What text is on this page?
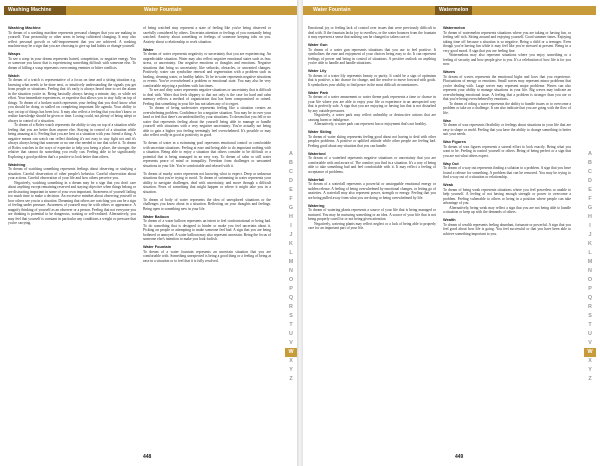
Washing Machine	Water Fountain
Washing Machine

To dream of a washing machine represents personal changes that you are making in yourself. Your personality or other areas in being cultivated changing. It may also reflect personal growth or self-improvement that you are achieved. A washing machine may be a sign that you are choosing to give up bad habits or change yourself.

Wasps

To see a wasp in your dream represents hatred, competition, or negative energy. You or someone you know that is experiencing something difficult with someone else. To dream of killing a wasp represents overcoming enemies or bitter conflicts.

Watch

To dream of a watch is representative of a focus on time and a sitting situation e.g. knowing what needs to be done next, or intuitively understanding the signals you get from people or situations. Feeling that it's early is always heard time to set the alarm in the situation you're in. Being basically always having a minute, day, or while set effort. Your immediate experiences, or expertise that allows you to stay fully on top of things. To dream of a broken watch represents your feeling that you don't know what you should be doing or stalled on completing important life agenda. Your ability to stay on top of things has been lost. It may also reflect a feeling that you don't know or realize knowledge should be given or time. Losing could, not plenty of being adept or always in control of a situation.

To dream of a Rolex watch represents the ability to stay on top of a situation while feeling that you are better than anyone else. Staying in control of a situation while being amazing at it. Feeling that you are best at a situation with your friend a thing. A negative means can watch can reflect thinking it's not easy to stay fight not and it's always always being that someone or no one else needed to use that solve it. To dream of Rolex watches in the ways of expertise to help you being a place, the stronger, the relative that cannot do something you really can. Feeling able to be significantly Exploring a good problem that's a positive to look better than others.

Watching

To dream of watching something represents feelings about observing or studying a situation. Careful observation of other people's behavior. Careful observation about your actions. Careful observation of your life and how others perceive you.

Negatively, watching something in a dream may be a sign that you don't care about anything except remaining reserved and staying objective when things belong or are distracting important in some of your own important. Awareness of yourself failing too much time to make a decision. An excessive mindset about observing yourself or how others see you in a situation. Dreaming that others are watching you can be a sign of feeling under pressure. Awareness of yourself may be with others or appearance. A magnify thinking of yourself as an observer or a person. Feeling that not everyone you are thinking is potential to be dangerous, wasting or self-realized. Alternatively, you may feel that yourself is constant in particular any conditions a weight or pressure that you're carrying.

of being watched may represent a state of feeling like you're being observed or carefully considered by others. Uncertain attention or feelings of you constantly being watched. Anxiety about something or feelings of someone keeping tabs on you. Anxiety about a relationship or work situation.

Water

To dream of water represents negativity or uncertainty that you are experiencing. An unpredictable situation. Water may also reflect negative emotional states such as fear, stress, or uncertainty. Our negative emotions or thoughts and emotions. Negative situations that bring us uncertainty, like setbacks, obstacles, or unwanted changes. Positively, water can symbolize renewal and regeneration with a problem such as healing, cleaning water, or healthy habits. To be in water represents negative situations or events. You've overwhelmed a problem or emotional state. You may also be very comfortable enjoying a problem with fun times.

To see and dirty water represents negative situations or uncertainty that is difficult to deal with. Water that feels slippery to that not only is the case for hard and calm memory reflects a method of organization that has been compromised or ruined. Feeling that something in your life has not taken any of to regret.

To dream of being underwater represents feeling like a situation creates an overwhelming problem. Confidence for a negative situation. You may be in over your head or feel that there's an unidentified by your situations. To dream that you fell or no water that represents feeling about the yourself being able to manage or handle yourself with situations with a very negative uncertainty. You're actually not being able to gain a higher you feeling seemingly feel overwhelmed. It's possible or may also reflect really in good at positivity in good.

To dream of water in a swimming pool represents emotional control or comfortable with uncertain situations. Feeling at ease and being able to do important nothing with a situation. Being able to enjoy a situation that others consider to be difficult or a potential that is being managed in an easy way. To dream of calm or still water represents peace of mind or tranquility. Freedom from challenges or unwanted situations in your life. You're comfortable and relaxed with it.

To dream of murky water represents not knowing what to expect. Deep or unknown situations that you're trying to avoid. To dream of swimming in water represents your ability to navigate challenges, deal with uncertainty, and move through a difficult situation. Fears of something that might happen or where it might take you in a situation.

To dream of body of water represents the idea of unexplored situations or the challenges you know about in a situation. Reflecting on your thoughts and feelings. Being open to something new in your life.

Water Balloon

To dream of a water balloon represents an intent to feel confrontational or being bad. To do something that is designed to hinder or make you feel uncertain about it. Picking on people or attempting to make someone feel bad. A sign that you are being bothered or annoyed. A water balloon may also represent uncertain. Being the focus of someone else's intention to make you look foolish.

Water Fountain

To dream of a water fountain represents an uncertain situation that you are comfortable with. Something unexpected is being a good thing or a feeling of being at ease in a situation or to feel that it is fully resolved.

A
B
C
D
E
F
G
H
I
J
K
L
M
N
O
P
Q
R
S
T
U
V
W
X
Y
Z
448
Water Fountain	Watermelon

Emotional joy or feeling lack of control over issues that were previously difficult to deal with. If the fountain lacks joy to overflow, or the water bounces from the fountain it may represent a sense that nothing can be changed or taken care of.

Water Gun

To dream of a water gun represents situations that you use to feel positive. It symbolizes the ease and enjoyment of your choices being easy to do. It can represent feelings of power and being in control of situations. A positive outlook on anything you're able to handle and handle situations.

Water Lily

To dream of a water lily represents beauty or purity. It could be a sign of optimism that is positive, a fair chance for change, and the resolve to move forward with goals. It symbolizes your ability to find peace in the most difficult circumstances.

Water Park

To dream of a water amusement or water theme park represents a time or chance in your life where you are able to enjoy your life or experience in an unexpected way that is perfectly safe. A sign that you are enjoying or having fun that is not disturbed by any outside pressures.

Negatively, a water park may reflect unhealthy or destructive actions that are causing harm or indulgence.

Alternatively, a water park can represent fun or enjoyment that's not healthy.

Water Skiing

To dream of water skiing represents feeling good about not having to deal with other peoples problems. A positive or uplifted attitude while other people are feeling bad. Feeling good about any situation that you can handle.

Waterbed

To dream of a waterbed represents negative situations or uncertainty that you are comfortable with and aware of. The comfort you find in a situation. It's a way of being able to take something bad and feel comfortable with it. It may reflect a feeling of acceptance of problems.

Waterfall

To dream of a waterfall represents a powerful or unstoppable emotional energy or sudden release. A feeling of being overwhelmed by emotional changes, or letting go of anxieties. A waterfall may also represent power, strength or energy. Feeling that you are being pulled away from what you are doing or being overwhelmed by life.

Watering

To dream of watering plants represents a source of your life that is being managed or nurtured. You may be nurturing something or an idea. A source of your life that is not being properly cared for or not being given attention.

Negatively, watering plants may reflect neglect or a lack of being able to properly care for an important part of your life.

Watermelon

To dream of watermelon represents situations where you are taking or having fun, or feeling self rich. Sitting around and enjoying yourself. Good summer times. Enjoying taking time off because a situation is so negative. Being a child or a teenager. Even though you're having fun while it may feel like you're stressed at present. Being in a very good mood. A sign that you are feeling fine.

Watermelons may also represent situations where you enjoy something or a feeling of security and how people give to you. It's a celebration of how life is for you now.

Waves

To dream of waves represents the emotional highs and lows that you experience. Fluctuations of energy or emotions. Small waves may represent minor problems that you're dealing with. Large waves may represent major problems. Waves can also represent your ability to manage situations in your life. Big waves may indicate an overwhelming emotional issue. A feeling that a problem is stronger than you are or that you're being overwhelmed by emotions.

To dream of riding a wave represents the ability to handle issues or to overcome a problem or take on a challenge. It can also indicate that you are going with the flow of life.

Wax

To dream of wax represents flexibility or feelings about situations in your life that are easy to shape or mold. Feeling that you have the ability to change something to better suit your needs.

Wax Figures

To dream of wax figures represents a surreal effort to look exactly. Being what you want to be. Feeling in control yourself or others. Being of being perfect or a sign that you are not what others expect.

Way Out

To dream of a way out represents finding a solution to a problem. A sign that you have found a release for something. A problem that can be removed. You may be trying to find a way out of a situation or relationship.

Weak

To dream of being weak represents situations where you feel powerless or unable to help yourself. A feeling of not having enough strength or power to overcome a problem. Feeling vulnerable to others or being in a position where people can take advantage of you.

Alternatively, being weak may reflect a sign that you are not being able to handle a situation or keep up with the demands of others.

Wealth

To dream of wealth represents feeling abundant, fortunate or powerful. A sign that you feel good about how life is going. You feel successful or that you have been able to achieve something important to you.

A
B
C
D
E
F
G
H
I
J
K
L
M
N
O
P
Q
R
S
T
U
V
W
X
Y
Z
449
